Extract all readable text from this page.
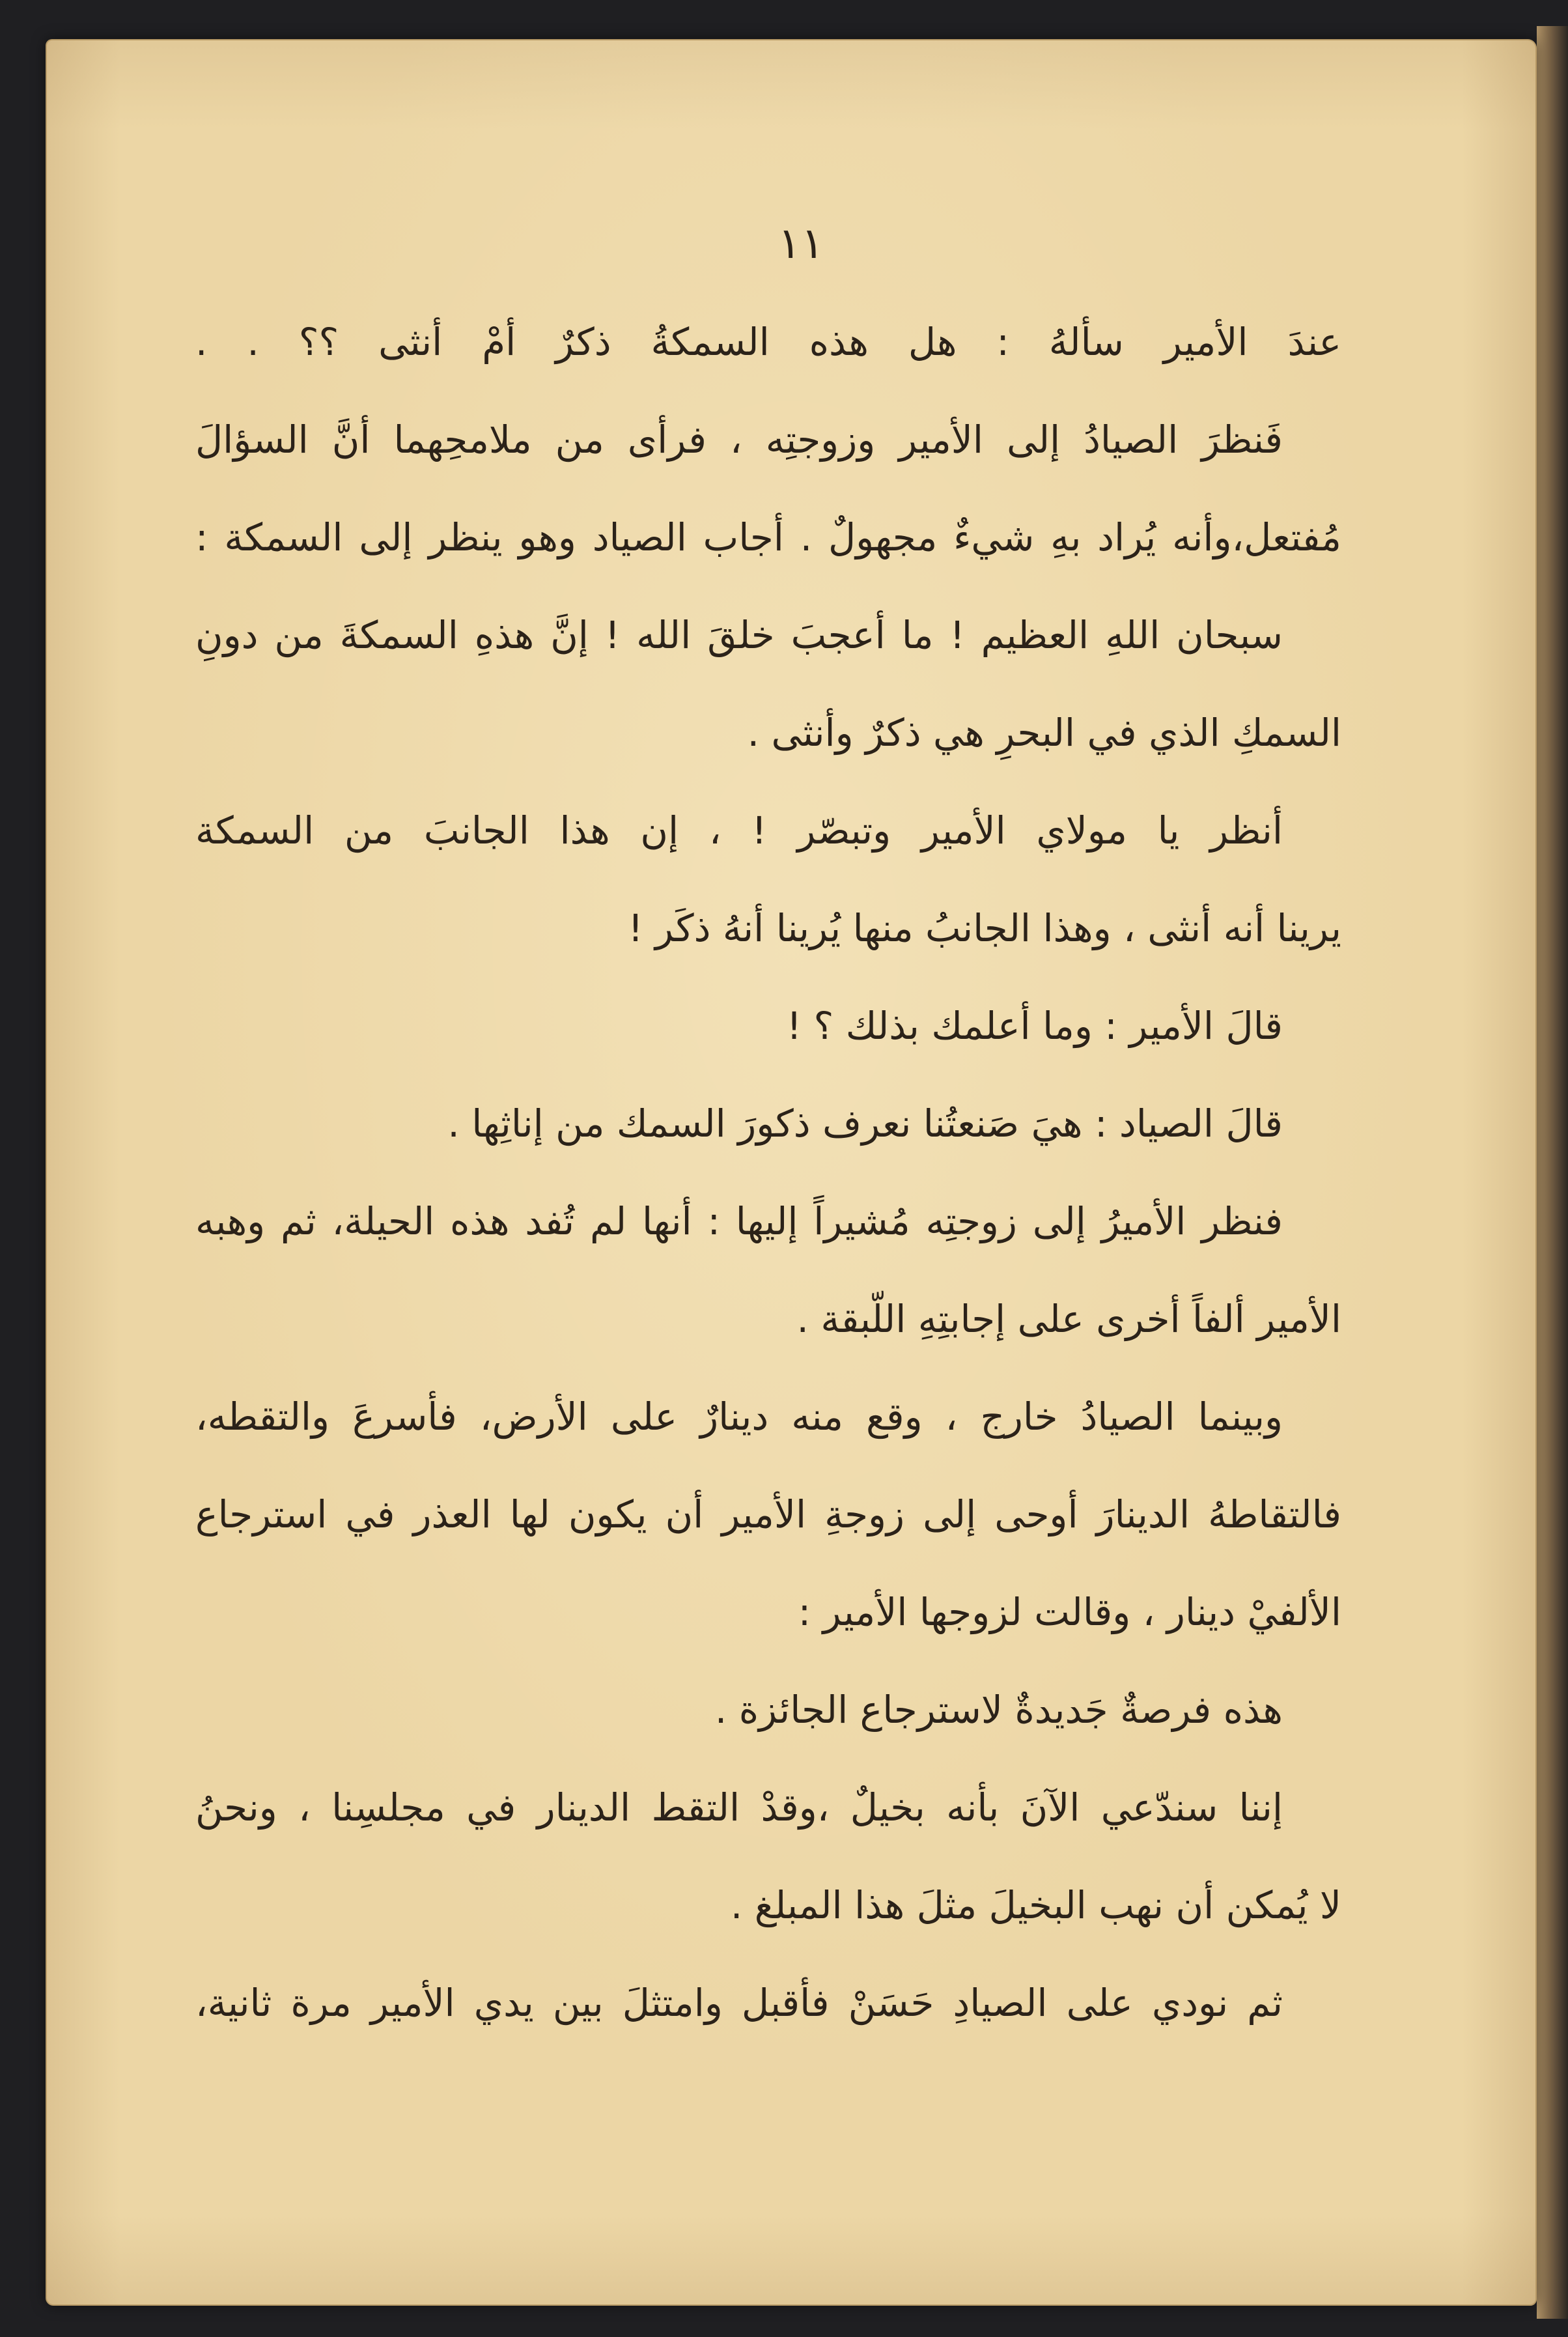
١١
عندَ الأمير سألهُ : هل هذه السمكةُ ذكرٌ أمْ أنثى ؟؟ . .
فَنظرَ الصيادُ إلى الأمير وزوجتِه ، فرأى من ملامحِهما أنَّ السؤالَ
مُفتعل،وأنه يُراد بهِ شيءٌ مجهولٌ . أجاب الصياد وهو ينظر إلى السمكة :
سبحان اللهِ العظيم ! ما أعجبَ خلقَ الله ! إنَّ هذهِ السمكةَ من دونِ
السمكِ الذي في البحرِ هي ذكرٌ وأنثى .
أنظر يا مولاي الأمير وتبصّر ! ، إن هذا الجانبَ من السمكة
يرينا أنه أنثى ، وهذا الجانبُ منها يُرينا أنهُ ذكَر !
قالَ الأمير : وما أعلمك بذلك ؟ !
قالَ الصياد : هيَ صَنعتُنا نعرف ذكورَ السمك من إناثِها .
فنظر الأميرُ إلى زوجتِه مُشيراً إليها : أنها لم تُفد هذه الحيلة، ثم وهبه
الأمير ألفاً أخرى على إجابتِهِ اللّبقة .
وبينما الصيادُ خارج ، وقع منه دينارٌ على الأرض، فأسرعَ والتقطه،
فالتقاطهُ الدينارَ أوحى إلى زوجةِ الأمير أن يكون لها العذر في استرجاع
الألفيْ دينار ، وقالت لزوجها الأمير :
هذه فرصةٌ جَديدةٌ لاسترجاع الجائزة .
إننا سندّعي الآنَ بأنه بخيلٌ ،وقدْ التقط الدينار في مجلسِنا ، ونحنُ
لا يُمكن أن نهب البخيلَ مثلَ هذا المبلغ .
ثم نودي على الصيادِ حَسَنْ فأقبل وامتثلَ بين يدي الأمير مرة ثانية،
